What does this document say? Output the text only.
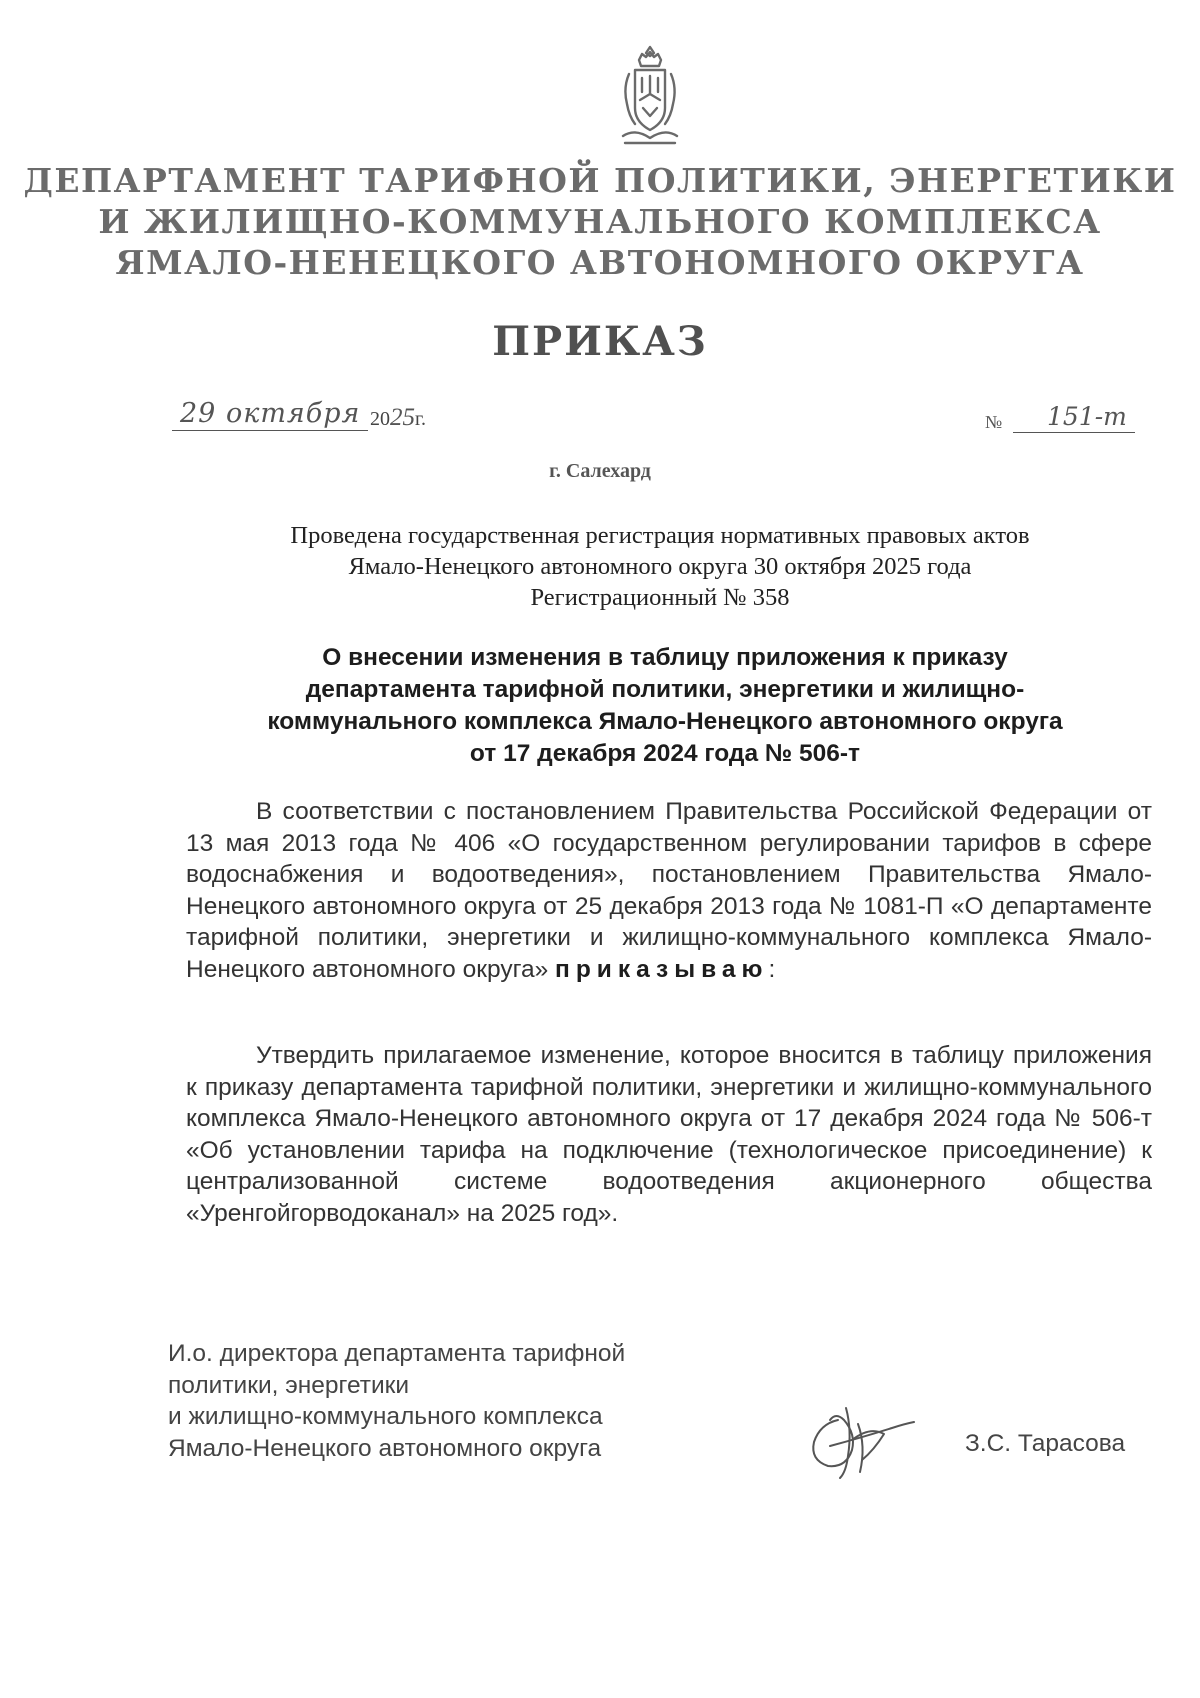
ДЕПАРТАМЕНТ ТАРИФНОЙ ПОЛИТИКИ, ЭНЕРГЕТИКИ
И ЖИЛИЩНО-КОММУНАЛЬНОГО КОМПЛЕКСА
ЯМАЛО-НЕНЕЦКОГО АВТОНОМНОГО ОКРУГА
ПРИКАЗ
29 октября 2025г.	№ 151-т
г. Салехард
Проведена государственная регистрация нормативных правовых актов
Ямало-Ненецкого автономного округа 30 октября 2025 года
Регистрационный № 358
О внесении изменения в таблицу приложения к приказу
департамента тарифной политики, энергетики и жилищно-
коммунального комплекса Ямало-Ненецкого автономного округа
от 17 декабря 2024 года № 506-т
В соответствии с постановлением Правительства Российской Федерации от 13 мая 2013 года № 406 «О государственном регулировании тарифов в сфере водоснабжения и водоотведения», постановлением Правительства Ямало-Ненецкого автономного округа от 25 декабря 2013 года № 1081-П «О департаменте тарифной политики, энергетики и жилищно-коммунального комплекса Ямало-Ненецкого автономного округа» приказываю:
Утвердить прилагаемое изменение, которое вносится в таблицу приложения к приказу департамента тарифной политики, энергетики и жилищно-коммунального комплекса Ямало-Ненецкого автономного округа от 17 декабря 2024 года № 506-т «Об установлении тарифа на подключение (технологическое присоединение) к централизованной системе водоотведения акционерного общества «Уренгойгорводоканал» на 2025 год».
И.о. директора департамента тарифной
политики, энергетики
и жилищно-коммунального комплекса
Ямало-Ненецкого автономного округа	З.С. Тарасова
